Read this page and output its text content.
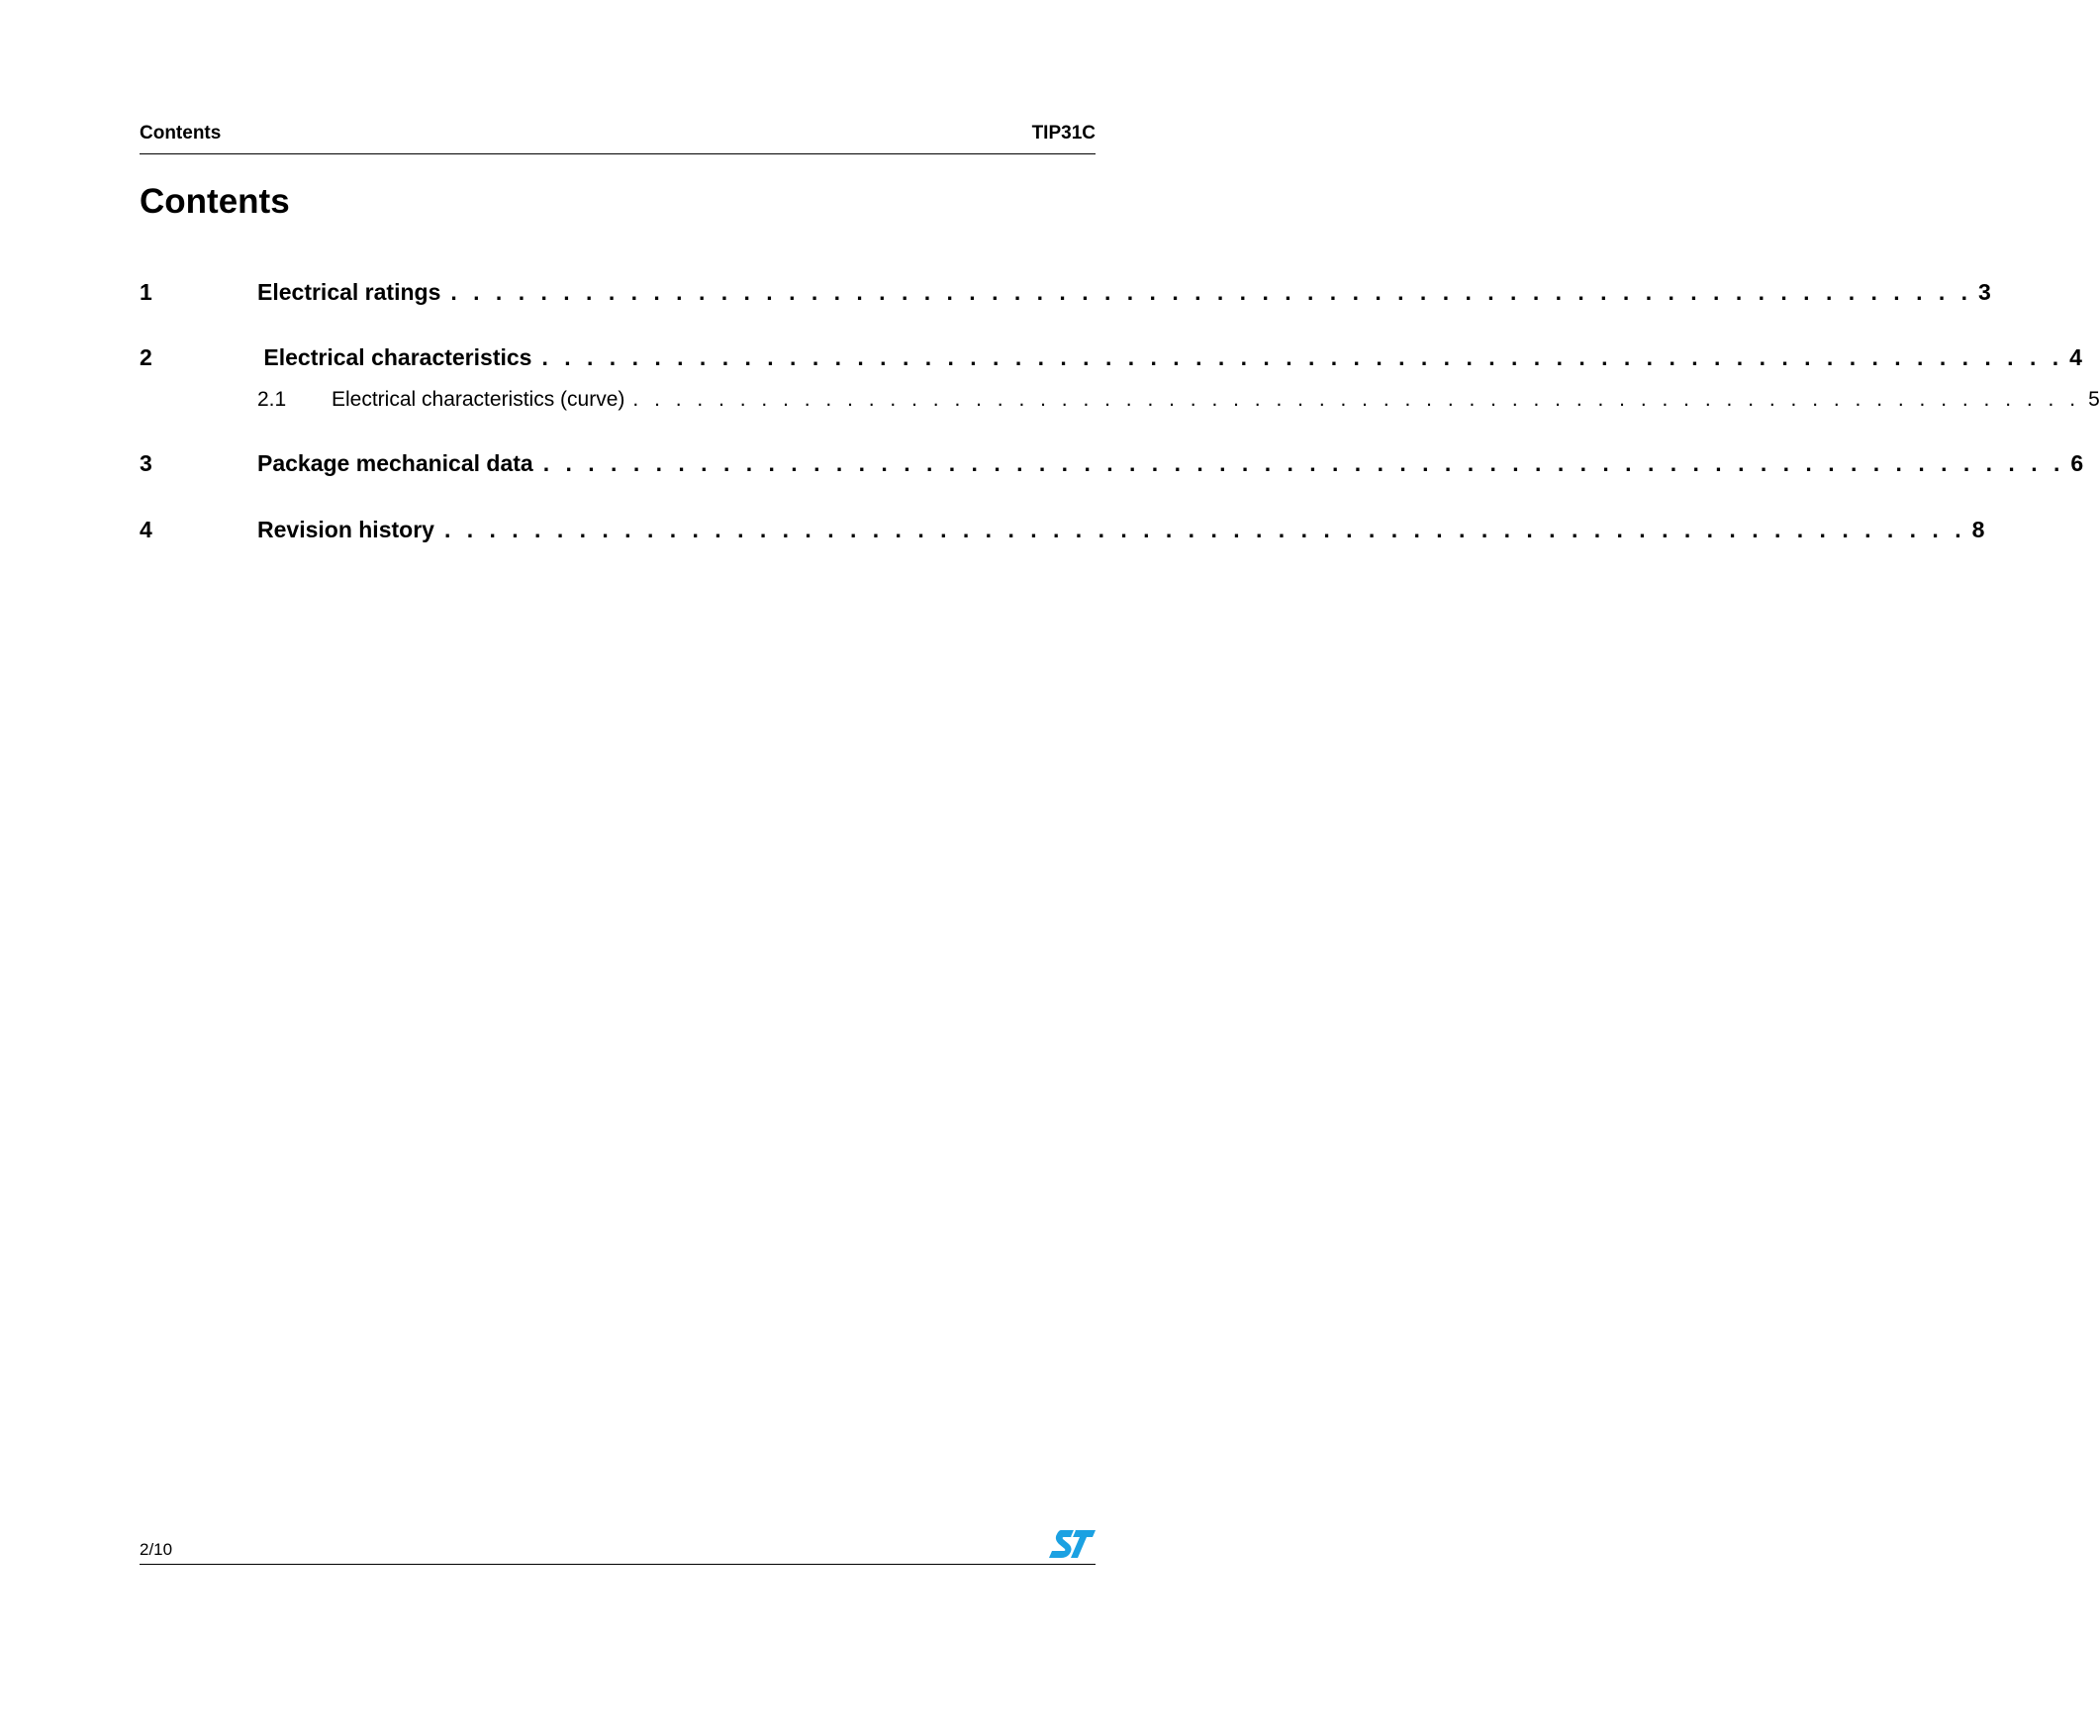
Contents	TIP31C
Contents
1	Electrical ratings . . . . . . . . . . . . . . . . . . . . . . . . . . . . . . . . . . . . . . . . . . . . . . . . . . . . . . . . . . . . . . . . . . . . 3
2	Electrical characteristics . . . . . . . . . . . . . . . . . . . . . . . . . . . . . . . . . . . . . . . . . . . . . . . . . . . . . . . . . . . . . . . . . . . . 4
2.1 Electrical characteristics (curve) . . . . . . . . . . . . . . . . . . . . . . . . . . . . . . . . . . . . . . . . . . . . . . . . . . . . . . . . . . . . . . . . . . . . 5
3	Package mechanical data . . . . . . . . . . . . . . . . . . . . . . . . . . . . . . . . . . . . . . . . . . . . . . . . . . . . . . . . . . . . . . . . . . . . 6
4	Revision history . . . . . . . . . . . . . . . . . . . . . . . . . . . . . . . . . . . . . . . . . . . . . . . . . . . . . . . . . . . . . . . . . . . . 8
2/10
